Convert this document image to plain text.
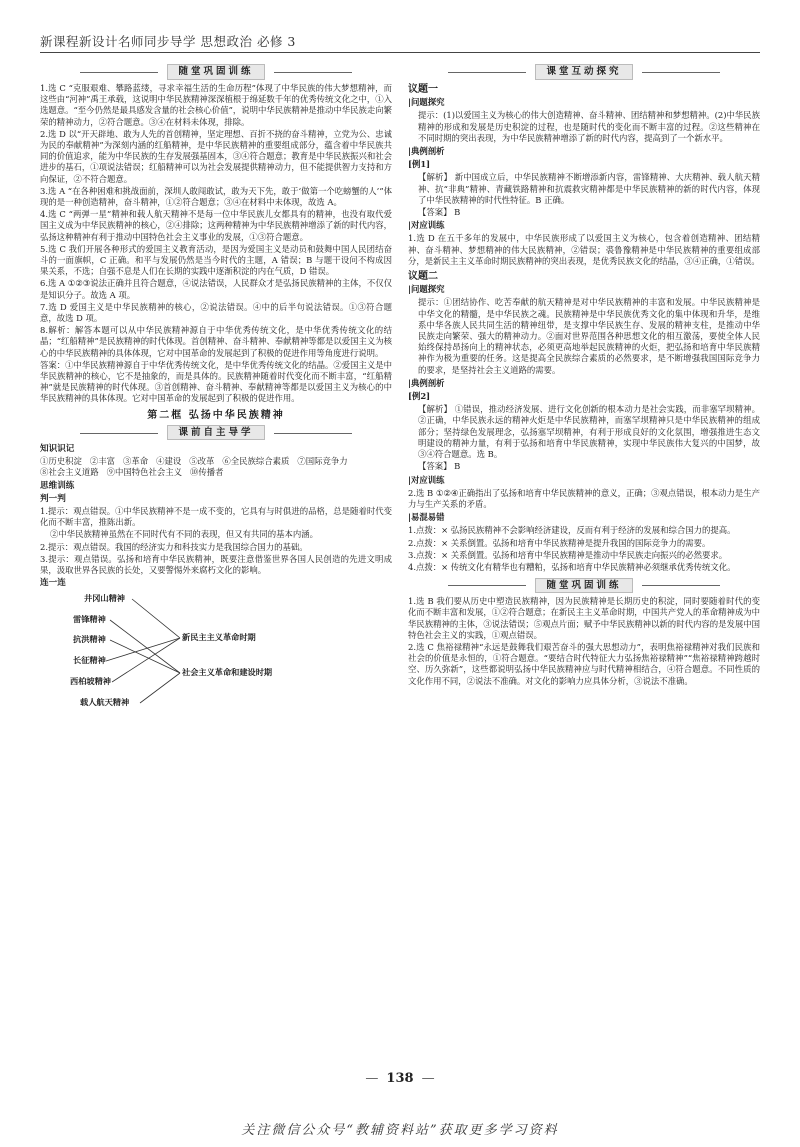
新课程新设计名师同步导学 思想政治 必修 3
随堂巩固训练

1.选 C “克服艰难、攀路蓝缕，寻求幸福生活的生命历程”体现了中华民族的伟大梦想精神，而这些由“河神”禹王承载，这说明中华民族精神深深植根于绵延数千年的优秀传统文化之中，①入选题意。“至今仍然是最具感发含量的社会核心价值”，说明中华民族精神是推动中华民族走向繁荣的精神动力，②符合题意。③④在材料未体现，排除。

2.选 D 以“开天辟地、敢为人先的首创精神，坚定理想、百折不挠的奋斗精神，立党为公、忠诚为民的奉献精神”为深刻内涵的红船精神，是中华民族精神的重要组成部分，蕴含着中华民族共同的价值追求，能为中华民族的生存发展强基固本，③④符合题意；教育是中华民族振兴和社会进步的基石，①项说法错误；红船精神可以为社会发展提供精神动力，但不能提供智力支持和方向保证，②不符合题意。

3.选 A “在各种困难和挑战面前，深圳人敢闯敢试，敢为天下先，敢于‘做第一个吃螃蟹的人’”体现的是一种创造精神，奋斗精神，①②符合题意；③④在材料中未体现，故选 A。

4.选 C “两弹一星”精神和载人航天精神不是每一位中华民族儿女都具有的精神，也没有取代爱国主义成为中华民族精神的核心，②④排除；这两种精神为中华民族精神增添了新的时代内容，弘扬这种精神有利于推动中国特色社会主义事业的发展，①③符合题意。

5.选 C 我们开展各种形式的爱国主义教育活动，是因为爱国主义是动员和鼓舞中国人民团结奋斗的一面旗帜，C 正确。和平与发展仍然是当今时代的主题，A 错误；B 与题干设问不构成因果关系，不选；自强不息是人们在长期的实践中逐渐积淀的内在气质，D 错误。

6.选 A ①②③说法正确并且符合题意，④说法错误，人民群众才是弘扬民族精神的主体，不仅仅是知识分子。故选 A 项。

7.选 D 爱国主义是中华民族精神的核心，②说法错误。④中的后半句说法错误。①③符合题意，故选 D 项。

8.解析：解答本题可以从中华民族精神源自于中华优秀传统文化，是中华优秀传统文化的结晶；“红船精神”是民族精神的时代体现。首创精神、奋斗精神、奉献精神等都是以爱国主义为核心的中华民族精神的具体体现，它对中国革命的发展起到了积极的促进作用等角度进行说明。

答案：①中华民族精神源自于中华优秀传统文化，是中华优秀传统文化的结晶。②爱国主义是中华民族精神的核心，它不是抽象的，而是具体的。民族精神随着时代变化而不断丰富，“红船精神”就是民族精神的时代体现。③首创精神、奋斗精神、奉献精神等都是以爱国主义为核心的中华民族精神的具体体现。它对中国革命的发展起到了积极的促进作用。

第二框 弘扬中华民族精神
课前自主导学
知识识记
①历史积淀 ②丰富 ③革命 ④建设 ⑤改革 ⑥全民族综合素质 ⑦国际竞争力
⑧社会主义道路 ⑨中国特色社会主义 ⑩传播者
思维训练
判一判

1.提示：观点错误。①中华民族精神不是一成不变的，它具有与时俱进的品格，总是随着时代变化而不断丰富，推陈出新。

②中华民族精神虽然在不同时代有不同的表现，但又有共同的基本内涵。

2.提示：观点错误。我国的经济实力和科技实力是我国综合国力的基础。

3.提示：观点错误。弘扬和培育中华民族精神，既要注意借鉴世界各国人民创造的先进文明成果，汲取世界各民族的长处，又要警惕外来腐朽文化的影响。

连一连
井冈山精神
雷锋精神
抗洪精神
长征精神
西柏坡精神
载人航天精神
新民主主义革命时期
社会主义革命和建设时期
课堂互动探究
议题一
|问题探究

提示：(1)以爱国主义为核心的伟大创造精神、奋斗精神、团结精神和梦想精神。(2)中华民族精神的形成和发展是历史积淀的过程，也是随时代的变化而不断丰富的过程。②这些精神在不同时期的突出表现，为中华民族精神增添了新的时代内容，提高到了一个新水平。

|典例剖析
[例1]

【解析】 新中国成立后，中华民族精神不断增添新内容，雷锋精神、大庆精神、载人航天精神、抗“非典”精神、青藏铁路精神和抗震救灾精神都是中华民族精神的新的时代内容，体现了中华民族精神的时代性特征。B 正确。

【答案】 B

|对应训练

1.选 D 在五千多年的发展中，中华民族形成了以爱国主义为核心，包含着创造精神、团结精神、奋斗精神、梦想精神的伟大民族精神，②错误；裘鲁豫精神是中华民族精神的重要组成部分，是新民主主义革命时期民族精神的突出表现，是优秀民族文化的结晶，③④正确，①错误。

议题二
|问题探究

提示：①团结协作、吃苦奉献的航天精神是对中华民族精神的丰富和发展。中华民族精神是中华文化的精髓，是中华民族之魂。民族精神是中华民族优秀文化的集中体现和升华，是维系中华各族人民共同生活的精神纽带，是支撑中华民族生存、发展的精神支柱，是推动中华民族走向繁荣、强大的精神动力。②面对世界范围各种思想文化的相互激荡，要使全体人民始终保持昂扬向上的精神状态，必须更高地举起民族精神的火炬，把弘扬和培育中华民族精神作为极为重要的任务。这是提高全民族综合素质的必然要求，是不断增强我国国际竞争力的要求，是坚持社会主义道路的需要。

|典例剖析
[例2]

【解析】 ①错误，推动经济发展、进行文化创新的根本动力是社会实践，而非塞罕坝精神。②正确，中华民族永远的精神火炬是中华民族精神，而塞罕坝精神只是中华民族精神的组成部分；坚持绿色发展理念，弘扬塞罕坝精神，有利于形成良好的文化氛围，增强推进生态文明建设的精神力量，有利于弘扬和培育中华民族精神，实现中华民族伟大复兴的中国梦，故③④符合题意。选 B。

【答案】 B

|对应训练

2.选 B ①②④正确指出了弘扬和培育中华民族精神的意义，正确；③观点错误，根本动力是生产力与生产关系的矛盾。

|易混易错

1.点拨：× 弘扬民族精神不会影响经济建设，反而有利于经济的发展和综合国力的提高。

2.点拨：× 关系倒置。弘扬和培育中华民族精神是提升我国的国际竞争力的需要。

3.点拨：× 关系倒置。弘扬和培育中华民族精神是推动中华民族走向振兴的必然要求。

4.点拨：× 传统文化有精华也有糟粕，弘扬和培育中华民族精神必须继承优秀传统文化。

随堂巩固训练

1.选 B 我们要从历史中塑造民族精神，因为民族精神是长期历史的积淀，同时要随着时代的变化而不断丰富和发展，①②符合题意；在新民主主义革命时期，中国共产党人的革命精神成为中华民族精神的主体，③说法错误；⑤观点片面；赋予中华民族精神以新的时代内容的是发展中国特色社会主义的实践，①观点错误。

2.选 C 焦裕禄精神“永远是鼓舞我们艰苦奋斗的强大思想动力”，表明焦裕禄精神对我们民族和社会的价值是永恒的，①符合题意。“要结合时代特征大力弘扬焦裕禄精神”“焦裕禄精神跨越时空、历久弥新”，这些都说明弘扬中华民族精神应与时代精神相结合，④符合题意。不同性质的文化作用不同，②说法不准确。对文化的影响力应具体分析，③说法不准确。

— 138 —
关注微信公众号“教辅资料站”获取更多学习资料
